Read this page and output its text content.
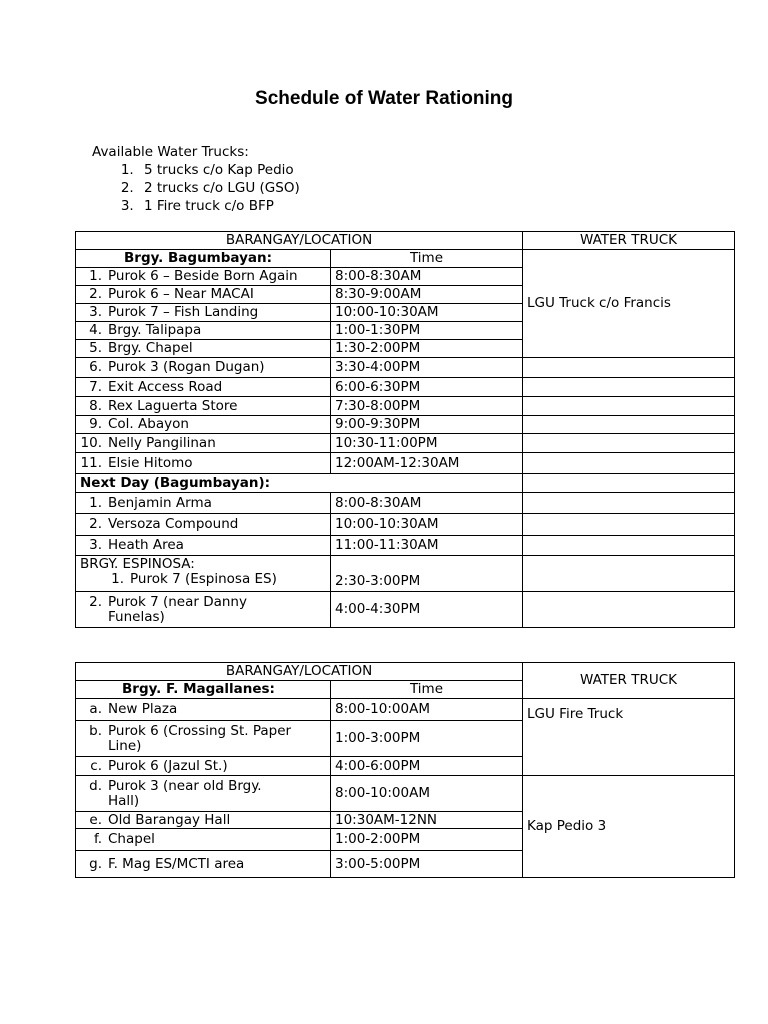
Schedule of Water Rationing
Available Water Trucks:
1. 5 trucks c/o Kap Pedio
2. 2 trucks c/o LGU (GSO)
3. 1 Fire truck c/o BFP
BARANGAY/LOCATION		WATER TRUCK
Brgy. Bagumbayan:	Time	LGU Truck c/o Francis
1. Purok 6 – Beside Born Again	8:00-8:30AM	
2. Purok 6 – Near MACAI	8:30-9:00AM	
3. Purok 7 – Fish Landing	10:00-10:30AM	
4. Brgy. Talipapa	1:00-1:30PM	
5. Brgy. Chapel	1:30-2:00PM	
6. Purok 3 (Rogan Dugan)	3:30-4:00PM	
7. Exit Access Road	6:00-6:30PM	
8. Rex Laguerta Store	7:30-8:00PM	
9. Col. Abayon	9:00-9:30PM	
10. Nelly Pangilinan	10:30-11:00PM	
11. Elsie Hitomo	12:00AM-12:30AM	
Next Day (Bagumbayan):		
1. Benjamin Arma	8:00-8:30AM	
2. Versoza Compound	10:00-10:30AM	
3. Heath Area	11:00-11:30AM	

BRGY. ESPINOSA:
1. Purok 7 (Espinosa ES)	2:30-3:00PM	
2. Purok 7 (near Danny
Funelas)	4:00-4:30PM	
BARANGAY/LOCATION		WATER TRUCK
Brgy. F. Magallanes:	Time	
a. New Plaza	8:00-10:00AM	LGU Fire Truck
b. Purok 6 (Crossing St. Paper
Line)	1:00-3:00PM	
c. Purok 6 (Jazul St.)	4:00-6:00PM	
d. Purok 3 (near old Brgy.
Hall)	8:00-10:00AM	Kap Pedio 3
e. Old Barangay Hall	10:30AM-12NN	
f. Chapel	1:00-2:00PM	
g. F. Mag ES/MCTI area	3:00-5:00PM	
